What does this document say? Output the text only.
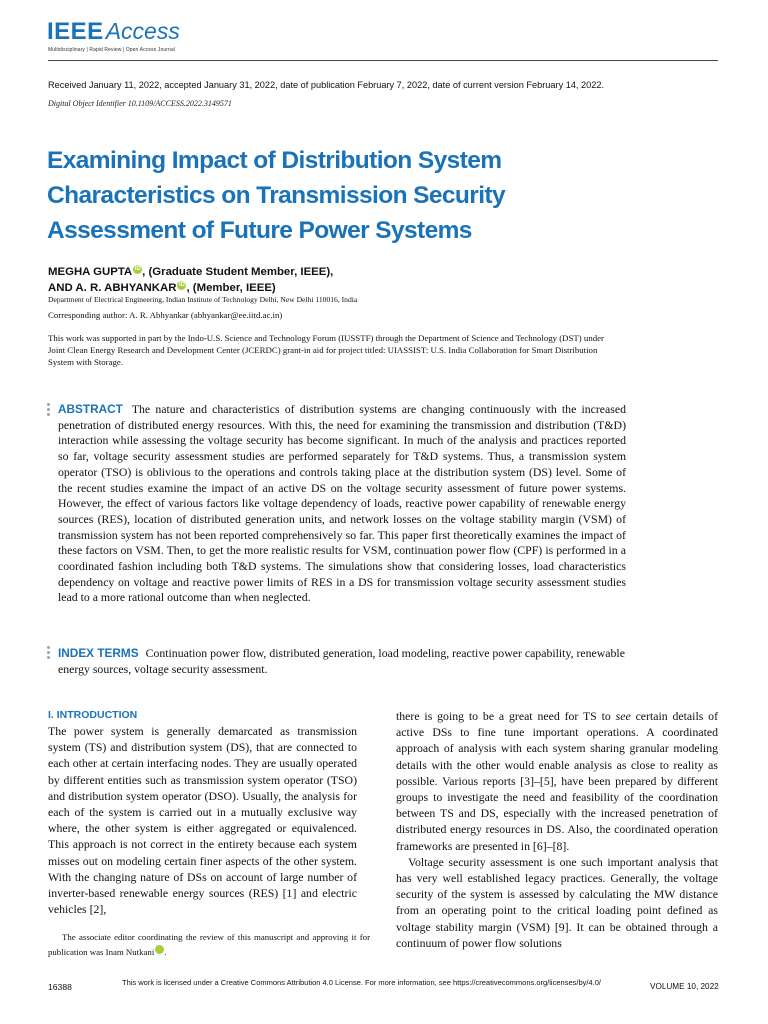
IEEEAccess
Multidisciplinary | Rapid Review | Open Access Journal
Received January 11, 2022, accepted January 31, 2022, date of publication February 7, 2022, date of current version February 14, 2022.
Digital Object Identifier 10.1109/ACCESS.2022.3149571
Examining Impact of Distribution System Characteristics on Transmission Security Assessment of Future Power Systems
MEGHA GUPTA iD , (Graduate Student Member, IEEE),
AND A. R. ABHYANKAR iD , (Member, IEEE)
Department of Electrical Engineering, Indian Institute of Technology Delhi, New Delhi 110016, India
Corresponding author: A. R. Abhyankar (abhyankar@ee.iitd.ac.in)
This work was supported in part by the Indo-U.S. Science and Technology Forum (IUSSTF) through the Department of Science and Technology (DST) under Joint Clean Energy Research and Development Center (JCERDC) grant-in aid for project titled: UIASSIST: U.S. India Collaboration for Smart Distribution System with Storage.
ABSTRACT The nature and characteristics of distribution systems are changing continuously with the increased penetration of distributed energy resources. With this, the need for examining the transmission and distribution (T&D) interaction while assessing the voltage security has become significant. In much of the analysis and practices reported so far, voltage security assessment studies are performed separately for T&D systems. Thus, a transmission system operator (TSO) is oblivious to the operations and controls taking place at the distribution system (DS) level. Some of the recent studies examine the impact of an active DS on the voltage security assessment of future power systems. However, the effect of various factors like voltage dependency of loads, reactive power capability of renewable energy sources (RES), location of distributed generation units, and network losses on the voltage stability margin (VSM) of transmission system has not been reported comprehensively so far. This paper first theoretically examines the impact of these factors on VSM. Then, to get the more realistic results for VSM, continuation power flow (CPF) is performed in a coordinated fashion including both T&D systems. The simulations show that considering losses, load characteristics dependency on voltage and reactive power limits of RES in a DS for transmission voltage security assessment studies lead to a more rational outcome than when neglected.
INDEX TERMS Continuation power flow, distributed generation, load modeling, reactive power capability, renewable energy sources, voltage security assessment.
I. INTRODUCTION
The power system is generally demarcated as transmission system (TS) and distribution system (DS), that are connected to each other at certain interfacing nodes. They are usually operated by different entities such as transmission system operator (TSO) and distribution system operator (DSO). Usually, the analysis for each of the system is carried out in a mutually exclusive way where, the other system is either aggregated or equivalenced. This approach is not correct in the entirety because each system misses out on modeling certain finer aspects of the other system. With the changing nature of DSs on account of large number of inverter-based renewable energy sources (RES) [1] and electric vehicles [2],

there is going to be a great need for TS to see certain details of active DSs to fine tune important operations. A coordinated approach of analysis with each system sharing granular modeling details with the other would enable analysis as close to reality as possible. Various reports [3]–[5], have been prepared by different groups to investigate the need and feasibility of the coordination between TS and DS, especially with the increased penetration of distributed energy resources in DS. Also, the coordinated operation frameworks are presented in [6]–[8].

Voltage security assessment is one such important analysis that has very well established legacy practices. Generally, the voltage security of the system is assessed by calculating the MW distance from an operating point to the critical loading point defined as voltage stability margin (VSM) [9]. It can be obtained through a continuum of power flow solutions

The associate editor coordinating the review of this manuscript and approving it for publication was Inam Nutkani	iD.
16388	This work is licensed under a Creative Commons Attribution 4.0 License. For more information, see https://creativecommons.org/licenses/by/4.0/	VOLUME 10, 2022
